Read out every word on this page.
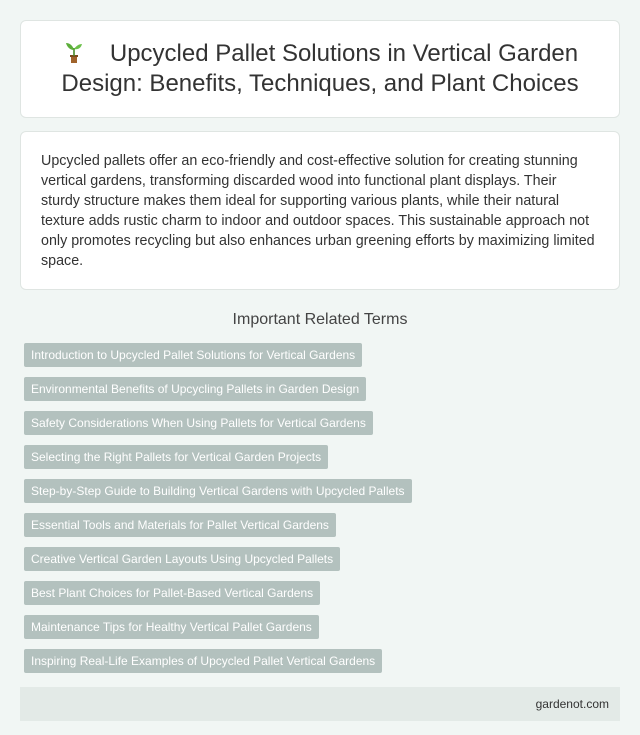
Upcycled Pallet Solutions in Vertical Garden Design: Benefits, Techniques, and Plant Choices

Upcycled pallets offer an eco-friendly and cost-effective solution for creating stunning vertical gardens, transforming discarded wood into functional plant displays. Their sturdy structure makes them ideal for supporting various plants, while their natural texture adds rustic charm to indoor and outdoor spaces. This sustainable approach not only promotes recycling but also enhances urban greening efforts by maximizing limited space.

Important Related Terms
Introduction to Upcycled Pallet Solutions for Vertical Gardens
Environmental Benefits of Upcycling Pallets in Garden Design
Safety Considerations When Using Pallets for Vertical Gardens
Selecting the Right Pallets for Vertical Garden Projects
Step-by-Step Guide to Building Vertical Gardens with Upcycled Pallets
Essential Tools and Materials for Pallet Vertical Gardens
Creative Vertical Garden Layouts Using Upcycled Pallets
Best Plant Choices for Pallet-Based Vertical Gardens
Maintenance Tips for Healthy Vertical Pallet Gardens
Inspiring Real-Life Examples of Upcycled Pallet Vertical Gardens
gardenot.com
